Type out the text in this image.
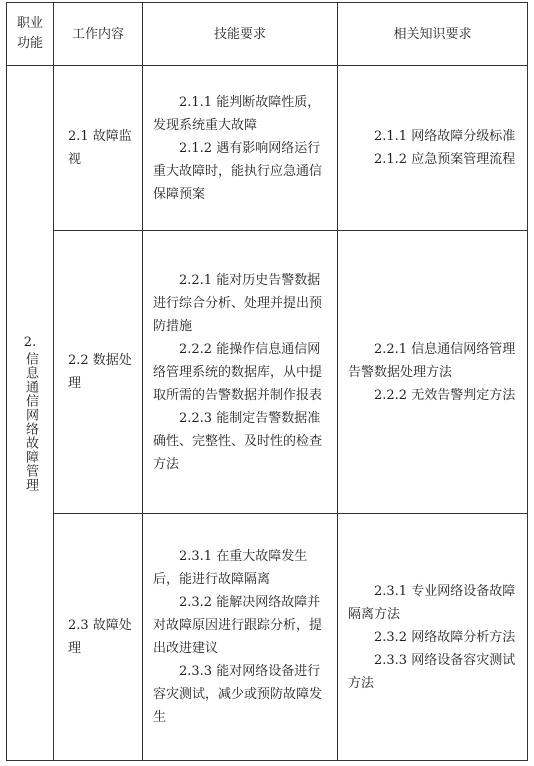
职业
功能
工作内容	技能要求	相关知识要求
2.
信息通信网络故障管理
2.1 故障监视

2.1.1 能判断故障性质，发现系统重大故障

2.1.2 遇有影响网络运行重大故障时，能执行应急通信保障预案

2.1.1 网络故障分级标准

2.1.2 应急预案管理流程

2.2 数据处理

2.2.1 能对历史告警数据进行综合分析、处理并提出预防措施

2.2.2 能操作信息通信网络管理系统的数据库，从中提取所需的告警数据并制作报表

2.2.3 能制定告警数据准确性、完整性、及时性的检查方法

2.2.1 信息通信网络管理告警数据处理方法

2.2.2 无效告警判定方法

2.3 故障处理

2.3.1 在重大故障发生后，能进行故障隔离

2.3.2 能解决网络故障并对故障原因进行跟踪分析，提出改进建议

2.3.3 能对网络设备进行容灾测试，减少或预防故障发生

2.3.1 专业网络设备故障隔离方法

2.3.2 网络故障分析方法

2.3.3 网络设备容灾测试方法
